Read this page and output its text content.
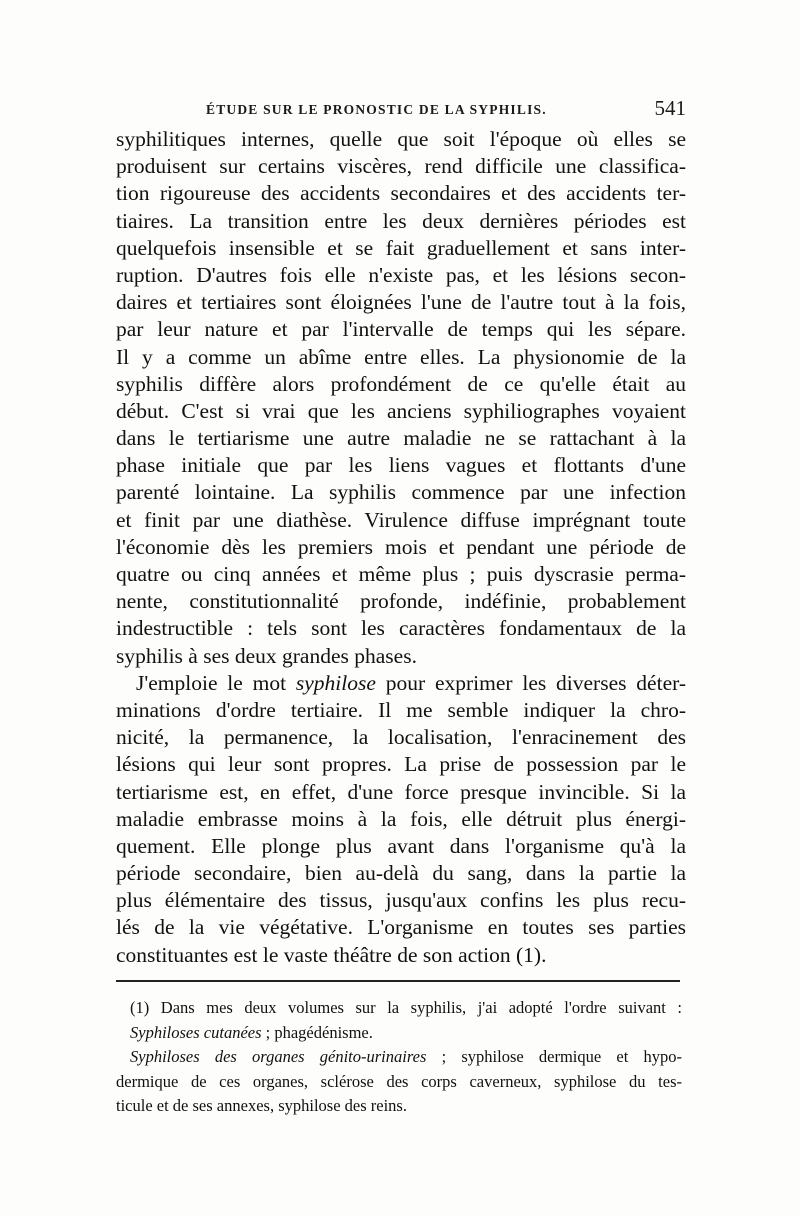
ÉTUDE SUR LE PRONOSTIC DE LA SYPHILIS.	541
syphilitiques internes, quelle que soit l'époque où elles se
produisent sur certains viscères, rend difficile une classifica-
tion rigoureuse des accidents secondaires et des accidents ter-
tiaires. La transition entre les deux dernières périodes est
quelquefois insensible et se fait graduellement et sans inter-
ruption. D'autres fois elle n'existe pas, et les lésions secon-
daires et tertiaires sont éloignées l'une de l'autre tout à la fois,
par leur nature et par l'intervalle de temps qui les sépare.
Il y a comme un abîme entre elles. La physionomie de la
syphilis diffère alors profondément de ce qu'elle était au
début. C'est si vrai que les anciens syphiliographes voyaient
dans le tertiarisme une autre maladie ne se rattachant à la
phase initiale que par les liens vagues et flottants d'une
parenté lointaine. La syphilis commence par une infection
et finit par une diathèse. Virulence diffuse imprégnant toute
l'économie dès les premiers mois et pendant une période de
quatre ou cinq années et même plus ; puis dyscrasie perma-
nente, constitutionnalité profonde, indéfinie, probablement
indestructible : tels sont les caractères fondamentaux de la
syphilis à ses deux grandes phases.
J'emploie le mot syphilose pour exprimer les diverses déter-
minations d'ordre tertiaire. Il me semble indiquer la chro-
nicité, la permanence, la localisation, l'enracinement des
lésions qui leur sont propres. La prise de possession par le
tertiarisme est, en effet, d'une force presque invincible. Si la
maladie embrasse moins à la fois, elle détruit plus énergi-
quement. Elle plonge plus avant dans l'organisme qu'à la
période secondaire, bien au-delà du sang, dans la partie la
plus élémentaire des tissus, jusqu'aux confins les plus recu-
lés de la vie végétative. L'organisme en toutes ses parties
constituantes est le vaste théâtre de son action (1).
(1) Dans mes deux volumes sur la syphilis, j'ai adopté l'ordre suivant :
Syphiloses cutanées ; phagédénisme.
Syphiloses des organes génito-urinaires ; syphilose dermique et hypo-
dermique de ces organes, sclérose des corps caverneux, syphilose du tes-
ticule et de ses annexes, syphilose des reins.
